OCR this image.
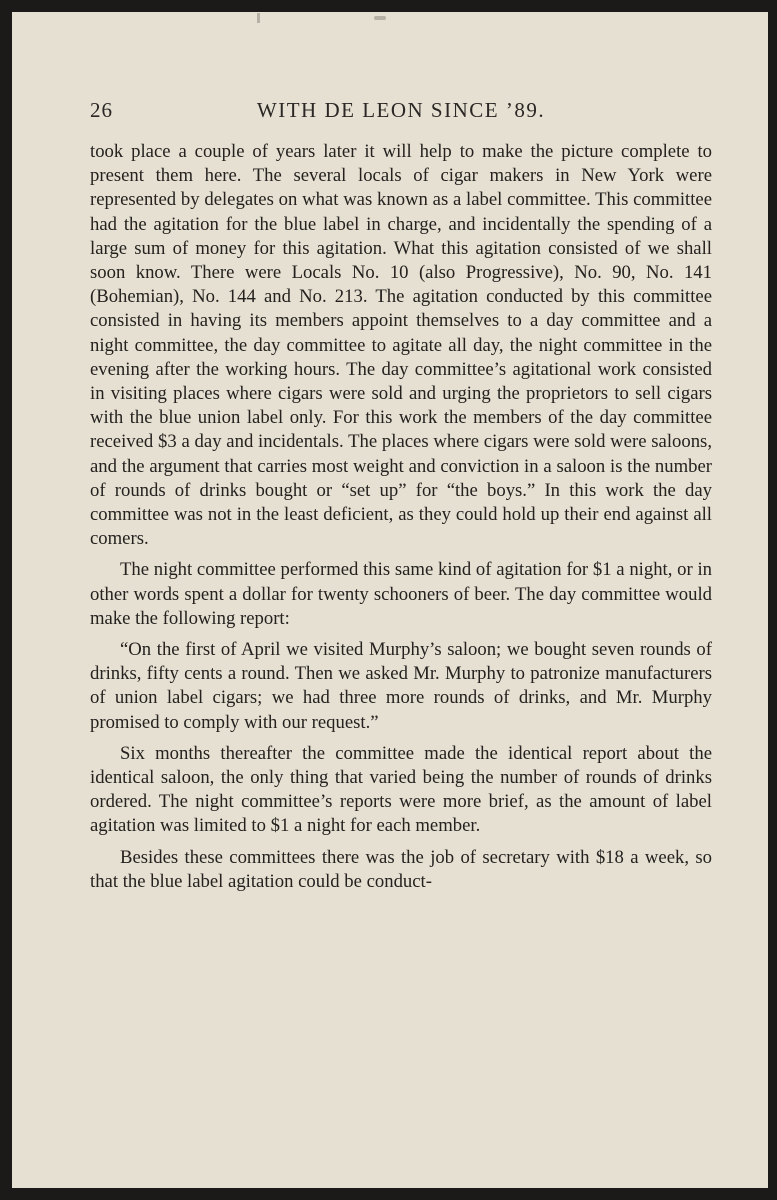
26	WITH DE LEON SINCE ’89.

took place a couple of years later it will help to make the picture complete to present them here. The several locals of cigar makers in New York were represented by delegates on what was known as a label committee. This committee had the agitation for the blue label in charge, and incidentally the spending of a large sum of money for this agitation. What this agitation consisted of we shall soon know. There were Locals No. 10 (also Progressive), No. 90, No. 141 (Bohemian), No. 144 and No. 213. The agitation conducted by this committee consisted in having its members appoint themselves to a day committee and a night committee, the day committee to agitate all day, the night committee in the evening after the working hours. The day committee’s agitational work consisted in visiting places where cigars were sold and urging the proprietors to sell cigars with the blue union label only. For this work the members of the day committee received $3 a day and incidentals. The places where cigars were sold were saloons, and the argument that carries most weight and conviction in a saloon is the number of rounds of drinks bought or “set up” for “the boys.” In this work the day committee was not in the least deficient, as they could hold up their end against all comers.

The night committee performed this same kind of agitation for $1 a night, or in other words spent a dollar for twenty schooners of beer. The day committee would make the following report:

“On the first of April we visited Murphy’s saloon; we bought seven rounds of drinks, fifty cents a round. Then we asked Mr. Murphy to patronize manufacturers of union label cigars; we had three more rounds of drinks, and Mr. Murphy promised to comply with our request.”

Six months thereafter the committee made the identical report about the identical saloon, the only thing that varied being the number of rounds of drinks ordered. The night committee’s reports were more brief, as the amount of label agitation was limited to $1 a night for each member.

Besides these committees there was the job of secretary with $18 a week, so that the blue label agitation could be conduct-
